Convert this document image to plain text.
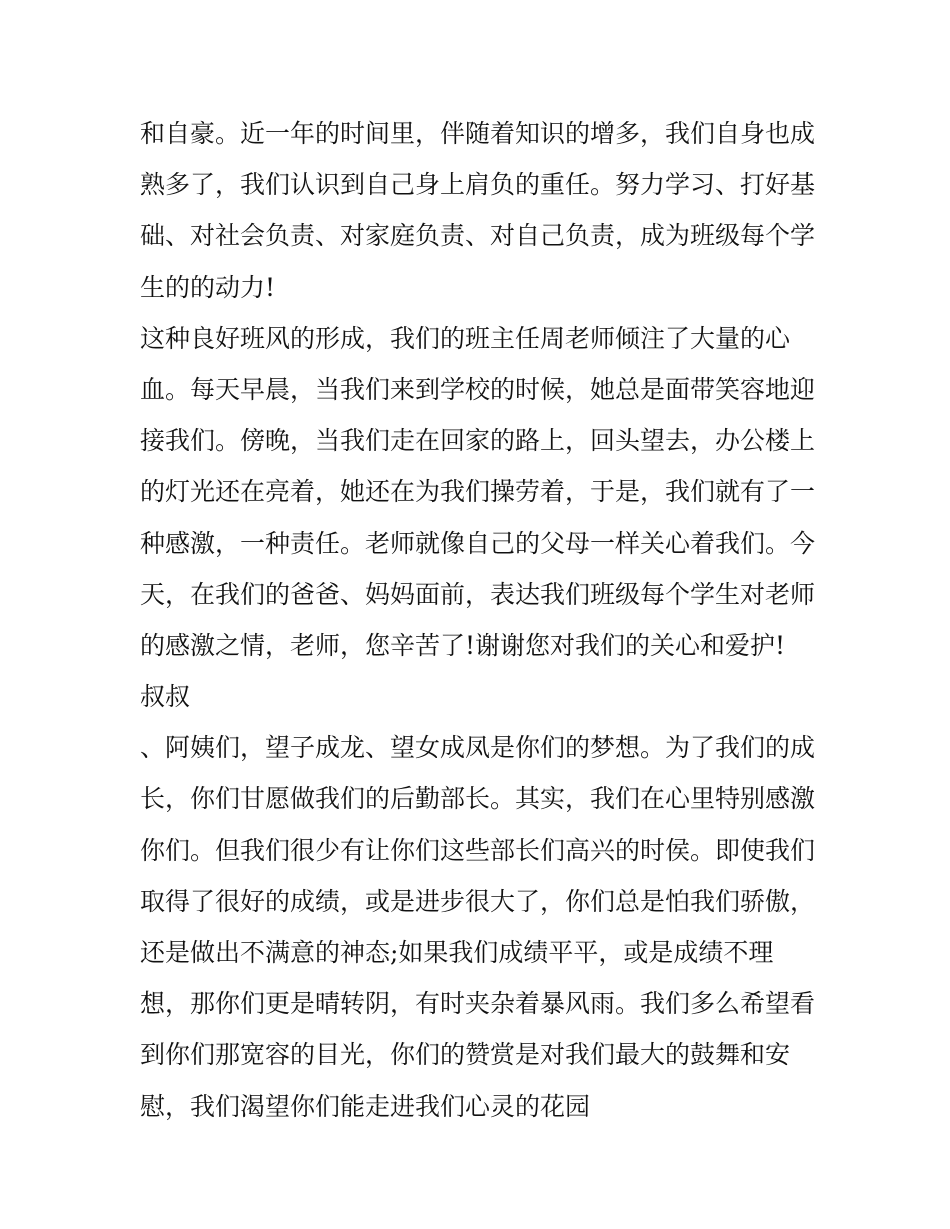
和自豪。近一年的时间里，伴随着知识的增多，我们自身也成
熟多了，我们认识到自己身上肩负的重任。努力学习、打好基
础、对社会负责、对家庭负责、对自己负责，成为班级每个学
生的的动力!
这种良好班风的形成，我们的班主任周老师倾注了大量的心
血。每天早晨，当我们来到学校的时候，她总是面带笑容地迎
接我们。傍晚，当我们走在回家的路上，回头望去，办公楼上
的灯光还在亮着，她还在为我们操劳着，于是，我们就有了一
种感激，一种责任。老师就像自己的父母一样关心着我们。今
天，在我们的爸爸、妈妈面前，表达我们班级每个学生对老师
的感激之情，老师，您辛苦了!谢谢您对我们的关心和爱护!
叔叔
、阿姨们，望子成龙、望女成凤是你们的梦想。为了我们的成
长，你们甘愿做我们的后勤部长。其实，我们在心里特别感激
你们。但我们很少有让你们这些部长们高兴的时侯。即使我们
取得了很好的成绩，或是进步很大了，你们总是怕我们骄傲，
还是做出不满意的神态;如果我们成绩平平，或是成绩不理
想，那你们更是晴转阴，有时夹杂着暴风雨。我们多么希望看
到你们那宽容的目光，你们的赞赏是对我们最大的鼓舞和安
慰，我们渴望你们能走进我们心灵的花园
